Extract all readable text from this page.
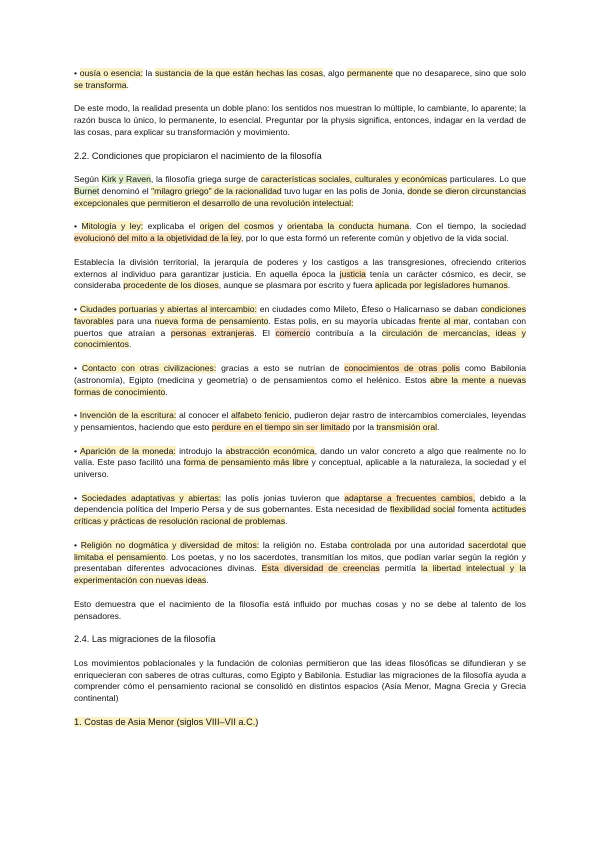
• ousía o esencia: la sustancia de la que están hechas las cosas, algo permanente que no desaparece, sino que solo se transforma.

De este modo, la realidad presenta un doble plano: los sentidos nos muestran lo múltiple, lo cambiante, lo aparente; la razón busca lo único, lo permanente, lo esencial. Preguntar por la physis significa, entonces, indagar en la verdad de las cosas, para explicar su transformación y movimiento.

2.2. Condiciones que propiciaron el nacimiento de la filosofía

Según Kirk y Raven, la filosofía griega surge de características sociales, culturales y económicas particulares. Lo que Burnet denominó el "milagro griego" de la racionalidad tuvo lugar en las polis de Jonia, donde se dieron circunstancias excepcionales que permitieron el desarrollo de una revolución intelectual:

• Mitología y ley: explicaba el origen del cosmos y orientaba la conducta humana. Con el tiempo, la sociedad evolucionó del mito a la objetividad de la ley, por lo que esta formó un referente común y objetivo de la vida social.

Establecía la división territorial, la jerarquía de poderes y los castigos a las transgresiones, ofreciendo criterios externos al individuo para garantizar justicia. En aquella época la justicia tenía un carácter cósmico, es decir, se consideraba procedente de los dioses, aunque se plasmara por escrito y fuera aplicada por legisladores humanos.

• Ciudades portuarias y abiertas al intercambio: en ciudades como Mileto, Éfeso o Halicarnaso se daban condiciones favorables para una nueva forma de pensamiento. Estas polis, en su mayoría ubicadas frente al mar, contaban con puertos que atraían a personas extranjeras. El comercio contribuía a la circulación de mercancías, ideas y conocimientos.

• Contacto con otras civilizaciones: gracias a esto se nutrían de conocimientos de otras polis como Babilonia (astronomía), Egipto (medicina y geometría) o de pensamientos como el helénico. Estos abre la mente a nuevas formas de conocimiento.

• Invención de la escritura: al conocer el alfabeto fenicio, pudieron dejar rastro de intercambios comerciales, leyendas y pensamientos, haciendo que esto perdure en el tiempo sin ser limitado por la transmisión oral.

• Aparición de la moneda: introdujo la abstracción económica, dando un valor concreto a algo que realmente no lo valía. Este paso facilitó una forma de pensamiento más libre y conceptual, aplicable a la naturaleza, la sociedad y el universo.

• Sociedades adaptativas y abiertas: las polis jonias tuvieron que adaptarse a frecuentes cambios, debido a la dependencia política del Imperio Persa y de sus gobernantes. Esta necesidad de flexibilidad social fomenta actitudes críticas y prácticas de resolución racional de problemas.

• Religión no dogmática y diversidad de mitos: la religión no. Estaba controlada por una autoridad sacerdotal que limitaba el pensamiento. Los poetas, y no los sacerdotes, transmitían los mitos, que podían variar según la región y presentaban diferentes advocaciones divinas. Esta diversidad de creencias permitía la libertad intelectual y la experimentación con nuevas ideas.

Esto demuestra que el nacimiento de la filosofía está influido por muchas cosas y no se debe al talento de los pensadores.

2.4. Las migraciones de la filosofía

Los movimientos poblacionales y la fundación de colonias permitieron que las ideas filosóficas se difundieran y se enriquecieran con saberes de otras culturas, como Egipto y Babilonia. Estudiar las migraciones de la filosofía ayuda a comprender cómo el pensamiento racional se consolidó en distintos espacios (Asia Menor, Magna Grecia y Grecia continental)

1. Costas de Asia Menor (siglos VIII–VII a.C.)
